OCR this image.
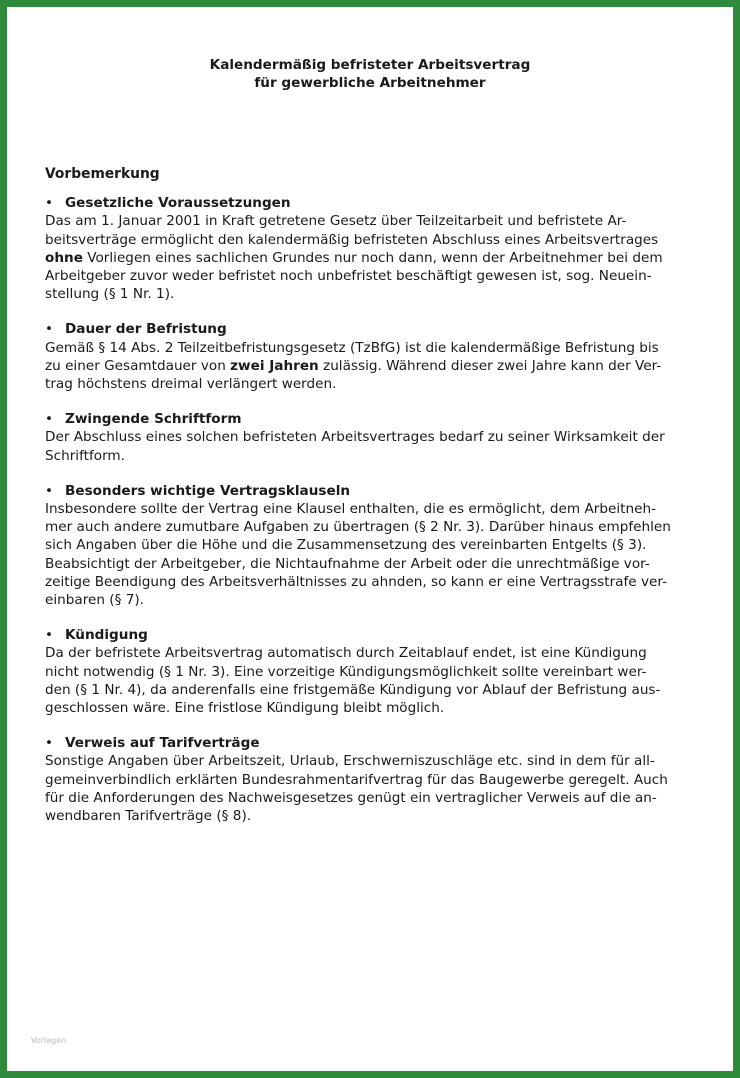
Kalendermäßig befristeter Arbeitsvertrag

für gewerbliche Arbeitnehmer

Vorbemerkung

• Gesetzliche Voraussetzungen

Das am 1. Januar 2001 in Kraft getretene Gesetz über Teilzeitarbeit und befristete Ar-
beitsverträge ermöglicht den kalendermäßig befristeten Abschluss eines Arbeitsvertrages
ohne Vorliegen eines sachlichen Grundes nur noch dann, wenn der Arbeitnehmer bei dem
Arbeitgeber zuvor weder befristet noch unbefristet beschäftigt gewesen ist, sog. Neuein-
stellung (§ 1 Nr. 1).

• Dauer der Befristung

Gemäß § 14 Abs. 2 Teilzeitbefristungsgesetz (TzBfG) ist die kalendermäßige Befristung bis
zu einer Gesamtdauer von zwei Jahren zulässig. Während dieser zwei Jahre kann der Ver-
trag höchstens dreimal verlängert werden.

• Zwingende Schriftform

Der Abschluss eines solchen befristeten Arbeitsvertrages bedarf zu seiner Wirksamkeit der
Schriftform.

• Besonders wichtige Vertragsklauseln

Insbesondere sollte der Vertrag eine Klausel enthalten, die es ermöglicht, dem Arbeitneh-
mer auch andere zumutbare Aufgaben zu übertragen (§ 2 Nr. 3). Darüber hinaus empfehlen
sich Angaben über die Höhe und die Zusammensetzung des vereinbarten Entgelts (§ 3).
Beabsichtigt der Arbeitgeber, die Nichtaufnahme der Arbeit oder die unrechtmäßige vor-
zeitige Beendigung des Arbeitsverhältnisses zu ahnden, so kann er eine Vertragsstrafe ver-
einbaren (§ 7).

• Kündigung

Da der befristete Arbeitsvertrag automatisch durch Zeitablauf endet, ist eine Kündigung
nicht notwendig (§ 1 Nr. 3). Eine vorzeitige Kündigungsmöglichkeit sollte vereinbart wer-
den (§ 1 Nr. 4), da anderenfalls eine fristgemäße Kündigung vor Ablauf der Befristung aus-
geschlossen wäre. Eine fristlose Kündigung bleibt möglich.

• Verweis auf Tarifverträge

Sonstige Angaben über Arbeitszeit, Urlaub, Erschwerniszuschläge etc. sind in dem für all-
gemeinverbindlich erklärten Bundesrahmentarifvertrag für das Baugewerbe geregelt. Auch
für die Anforderungen des Nachweisgesetzes genügt ein vertraglicher Verweis auf die an-
wendbaren Tarifverträge (§ 8).

Vorlagen
